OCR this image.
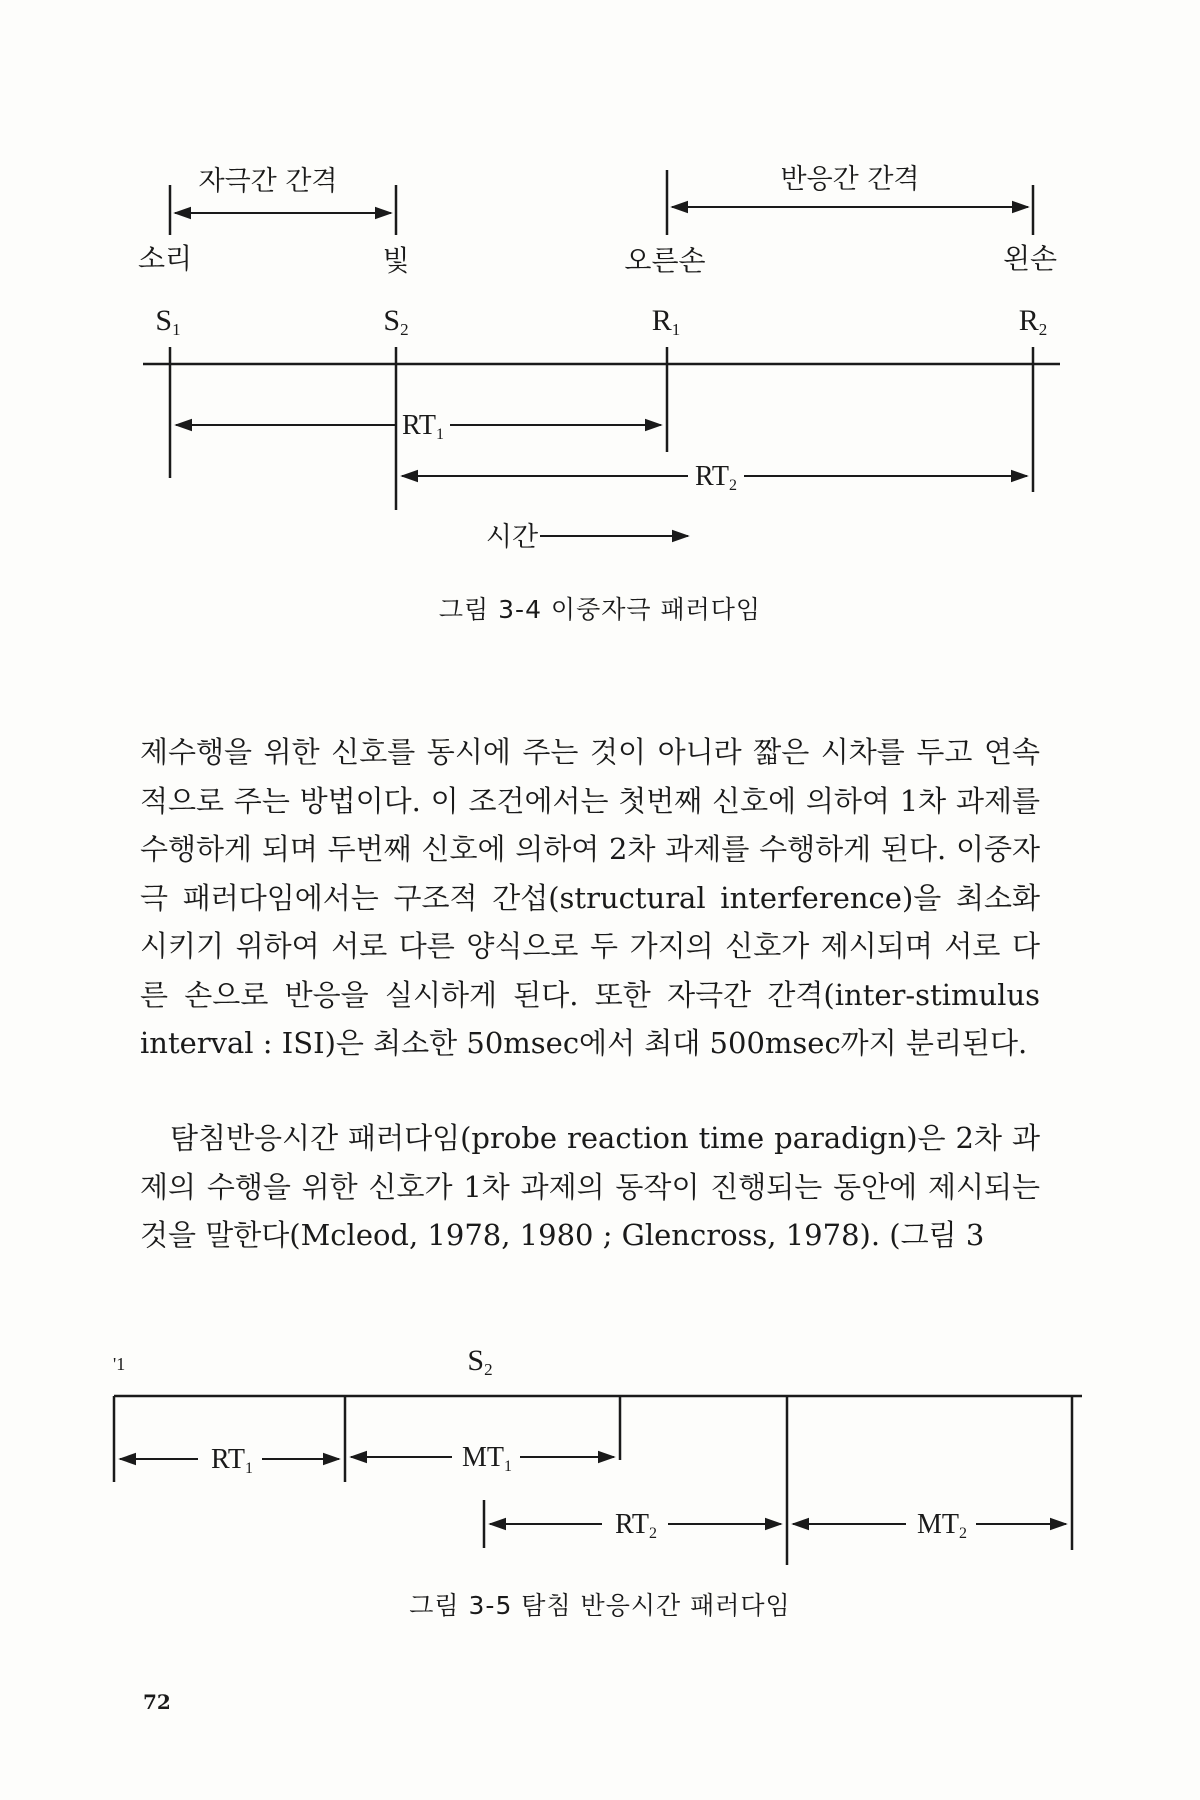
자극간 간격	반응간 간격
소리	빛	오른손	왼손
S1	S2	R1	R2
RT1
RT2
시간
'1	S2
RT1	MT1
RT2	MT2
그림 3-4 이중자극 패러다임

제수행을 위한 신호를 동시에 주는 것이 아니라 짧은 시차를 두고 연속적으로 주는 방법이다. 이 조건에서는 첫번째 신호에 의하여 1차 과제를 수행하게 되며 두번째 신호에 의하여 2차 과제를 수행하게 된다. 이중자극 패러다임에서는 구조적 간섭(structural interference)을 최소화시키기 위하여 서로 다른 양식으로 두 가지의 신호가 제시되며 서로 다른 손으로 반응을 실시하게 된다. 또한 자극간 간격(inter-stimulus interval : ISI)은 최소한 50msec에서 최대 500msec까지 분리된다.

탐침반응시간 패러다임(probe reaction time paradign)은 2차 과제의 수행을 위한 신호가 1차 과제의 동작이 진행되는 동안에 제시되는 것을 말한다(Mcleod, 1978, 1980 ; Glencross, 1978). (그림 3

그림 3-5 탐침 반응시간 패러다임
72
